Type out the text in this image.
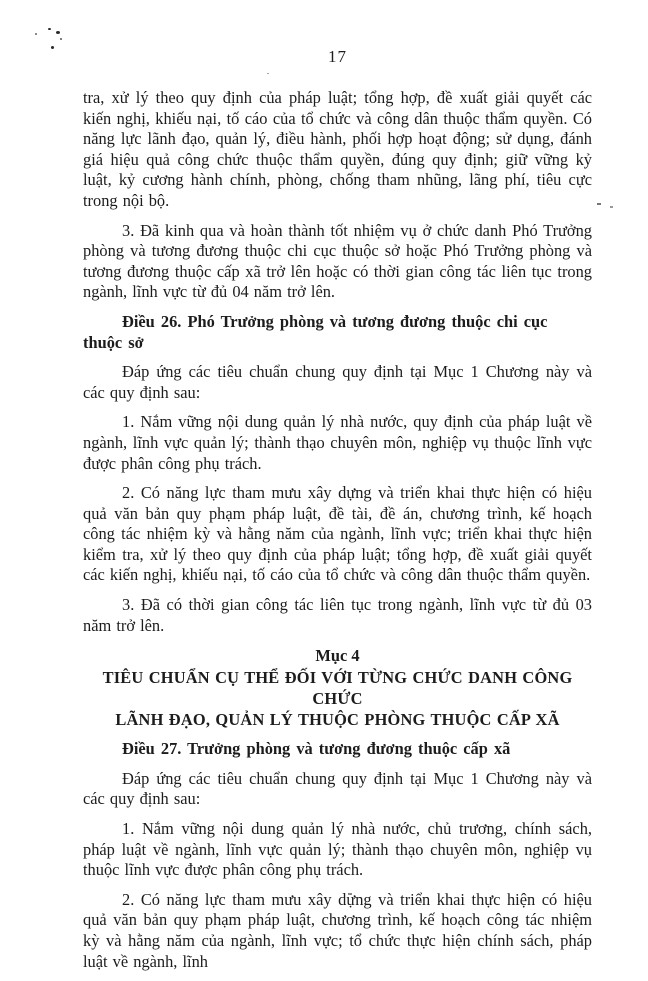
17

tra, xử lý theo quy định của pháp luật; tổng hợp, đề xuất giải quyết các kiến nghị, khiếu nại, tố cáo của tổ chức và công dân thuộc thẩm quyền. Có năng lực lãnh đạo, quản lý, điều hành, phối hợp hoạt động; sử dụng, đánh giá hiệu quả công chức thuộc thẩm quyền, đúng quy định; giữ vững kỷ luật, kỷ cương hành chính, phòng, chống tham nhũng, lãng phí, tiêu cực trong nội bộ.

3. Đã kinh qua và hoàn thành tốt nhiệm vụ ở chức danh Phó Trưởng phòng và tương đương thuộc chi cục thuộc sở hoặc Phó Trưởng phòng và tương đương thuộc cấp xã trở lên hoặc có thời gian công tác liên tục trong ngành, lĩnh vực từ đủ 04 năm trở lên.

Điều 26. Phó Trưởng phòng và tương đương thuộc chi cục thuộc sở

Đáp ứng các tiêu chuẩn chung quy định tại Mục 1 Chương này và các quy định sau:

1. Nắm vững nội dung quản lý nhà nước, quy định của pháp luật về ngành, lĩnh vực quản lý; thành thạo chuyên môn, nghiệp vụ thuộc lĩnh vực được phân công phụ trách.

2. Có năng lực tham mưu xây dựng và triển khai thực hiện có hiệu quả văn bản quy phạm pháp luật, đề tài, đề án, chương trình, kế hoạch công tác nhiệm kỳ và hằng năm của ngành, lĩnh vực; triển khai thực hiện kiểm tra, xử lý theo quy định của pháp luật; tổng hợp, đề xuất giải quyết các kiến nghị, khiếu nại, tố cáo của tổ chức và công dân thuộc thẩm quyền.

3. Đã có thời gian công tác liên tục trong ngành, lĩnh vực từ đủ 03 năm trở lên.

Mục 4
TIÊU CHUẨN CỤ THỂ ĐỐI VỚI TỪNG CHỨC DANH CÔNG CHỨC
LÃNH ĐẠO, QUẢN LÝ THUỘC PHÒNG THUỘC CẤP XÃ

Điều 27. Trưởng phòng và tương đương thuộc cấp xã

Đáp ứng các tiêu chuẩn chung quy định tại Mục 1 Chương này và các quy định sau:

1. Nắm vững nội dung quản lý nhà nước, chủ trương, chính sách, pháp luật về ngành, lĩnh vực quản lý; thành thạo chuyên môn, nghiệp vụ thuộc lĩnh vực được phân công phụ trách.

2. Có năng lực tham mưu xây dựng và triển khai thực hiện có hiệu quả văn bản quy phạm pháp luật, chương trình, kế hoạch công tác nhiệm kỳ và hằng năm của ngành, lĩnh vực; tổ chức thực hiện chính sách, pháp luật về ngành, lĩnh
